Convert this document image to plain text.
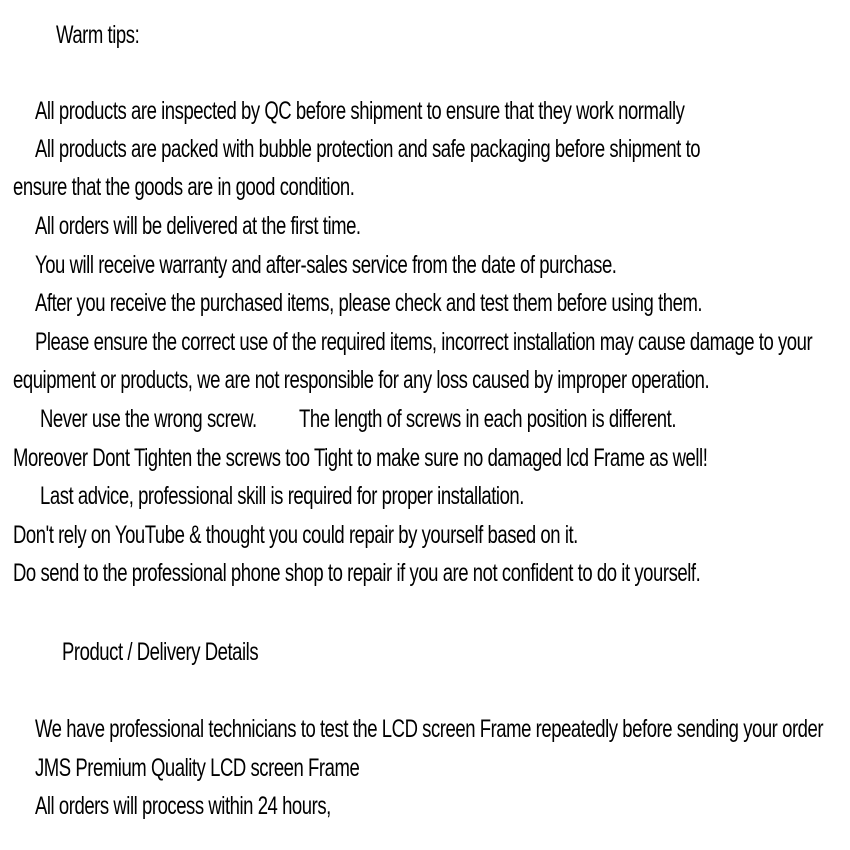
Warm tips:
All products are inspected by QC before shipment to ensure that they work normally
All products are packed with bubble protection and safe packaging before shipment to
ensure that the goods are in good condition.
All orders will be delivered at the first time.
You will receive warranty and after-sales service from the date of purchase.
After you receive the purchased items, please check and test them before using them.
Please ensure the correct use of the required items, incorrect installation may cause damage to your
equipment or products, we are not responsible for any loss caused by improper operation.
Never use the wrong screw.         The length of screws in each position is different.
Moreover Dont Tighten the screws too Tight to make sure no damaged lcd Frame as well!
Last advice, professional skill is required for proper installation.
Don't rely on YouTube & thought you could repair by yourself based on it.
Do send to the professional phone shop to repair if you are not confident to do it yourself.
Product / Delivery Details
We have professional technicians to test the LCD screen Frame repeatedly before sending your order
JMS Premium Quality LCD screen Frame
All orders will process within 24 hours,
